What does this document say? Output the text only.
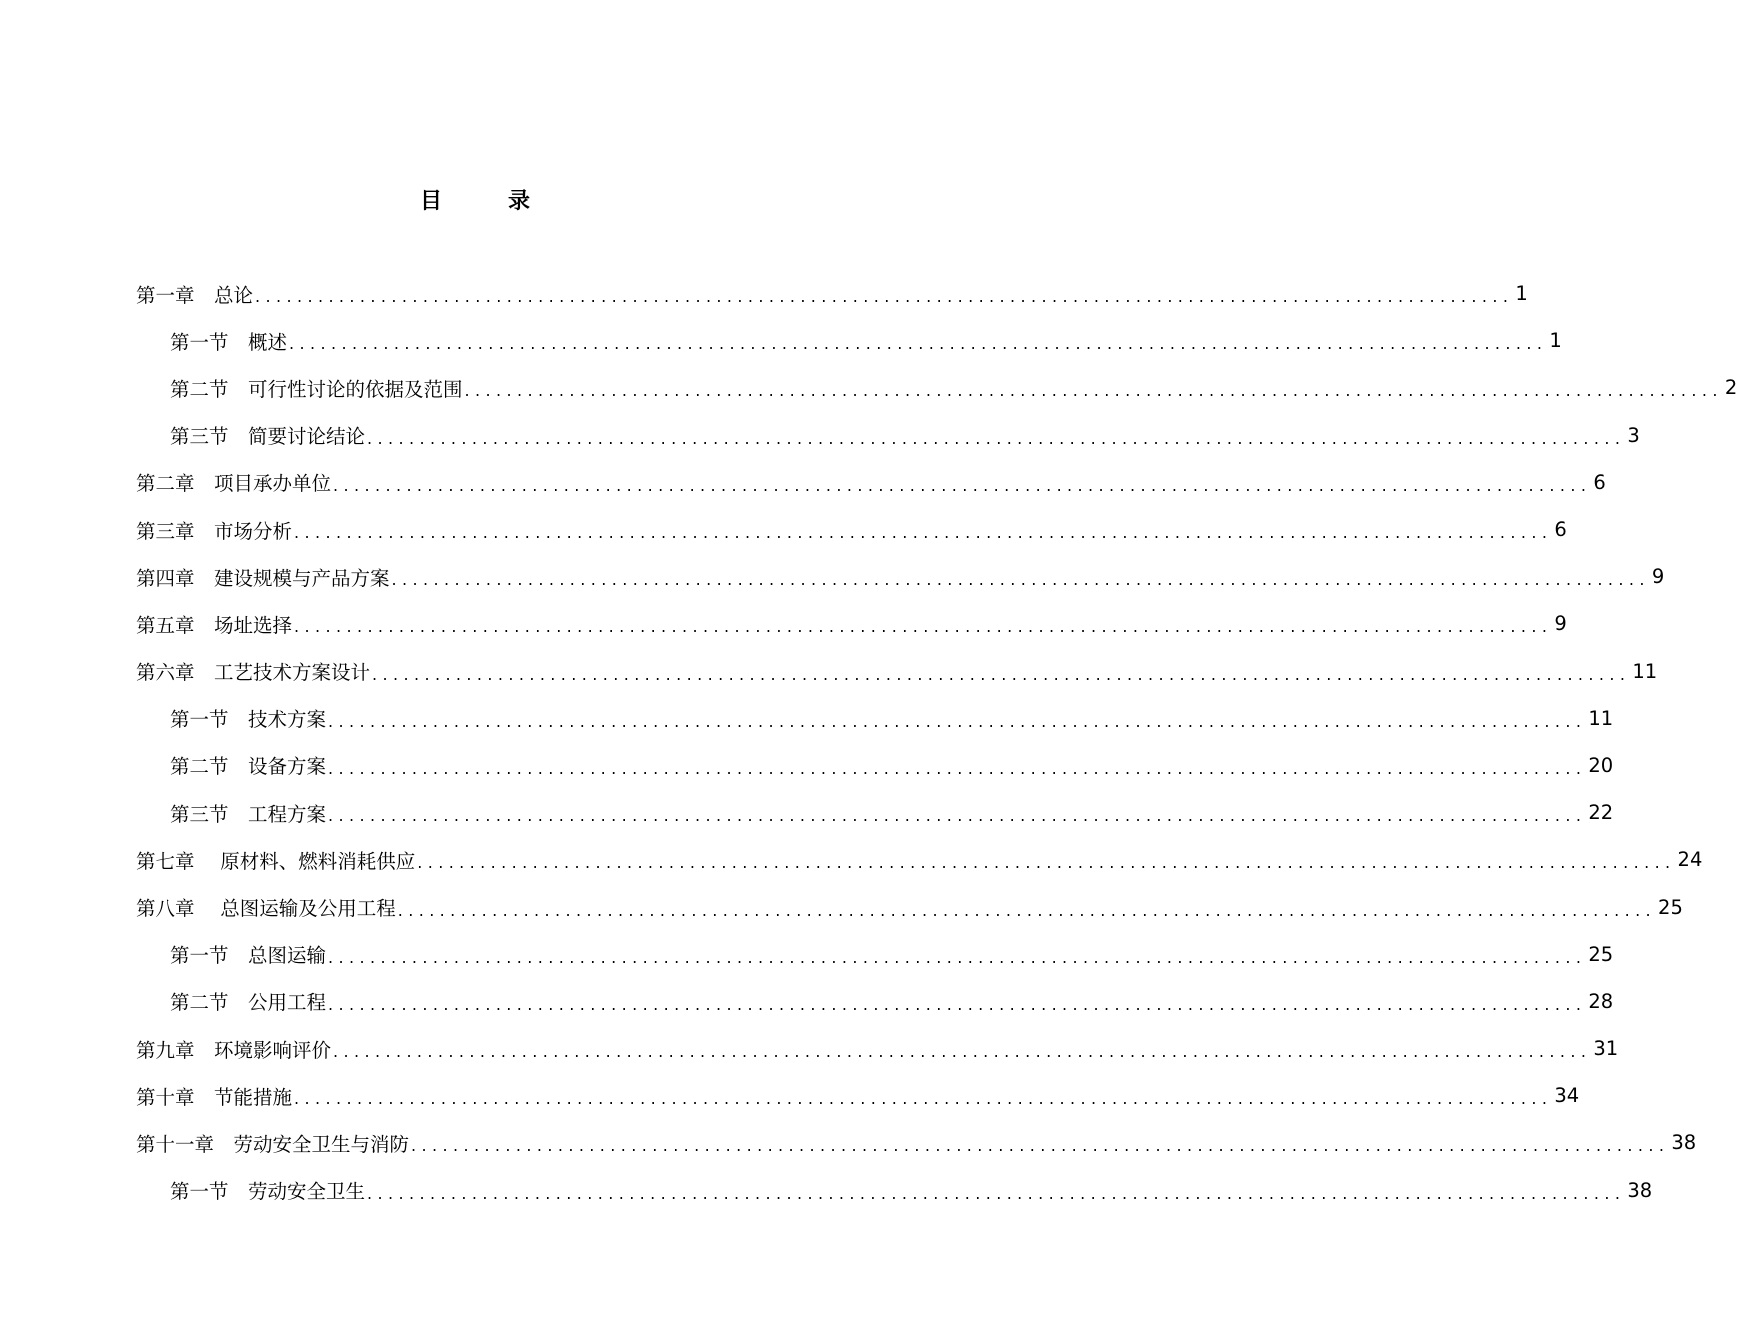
目　录
第一章
　 总论 ........................................................................................................................ 1
第一节
　 概述 ........................................................................................................................ 1
第二节
　 可行性讨论的依据及范围 ........................................................................................................................ 2
第三节
　 简要讨论结论 ........................................................................................................................ 3
第二章
　 项目承办单位 ........................................................................................................................ 6
第三章
　 市场分析 ........................................................................................................................ 6
第四章
　 建设规模与产品方案 ........................................................................................................................ 9
第五章
　 场址选择 ........................................................................................................................ 9
第六章
　 工艺技术方案设计 ........................................................................................................................ 11
第一节
　 技术方案 ........................................................................................................................ 11
第二节
　 设备方案 ........................................................................................................................ 20
第三节
　 工程方案 ........................................................................................................................ 22
第七章
　 原材料、燃料消耗供应 ........................................................................................................................ 24
第八章
　 总图运输及公用工程 ........................................................................................................................ 25
第一节
　 总图运输 ........................................................................................................................ 25
第二节
　 公用工程 ........................................................................................................................ 28
第九章
　 环境影响评价 ........................................................................................................................ 31
第十章
　 节能措施 ........................................................................................................................ 34
第十一章
　 劳动安全卫生与消防 ........................................................................................................................ 38
第一节
　 劳动安全卫生 ........................................................................................................................ 38
